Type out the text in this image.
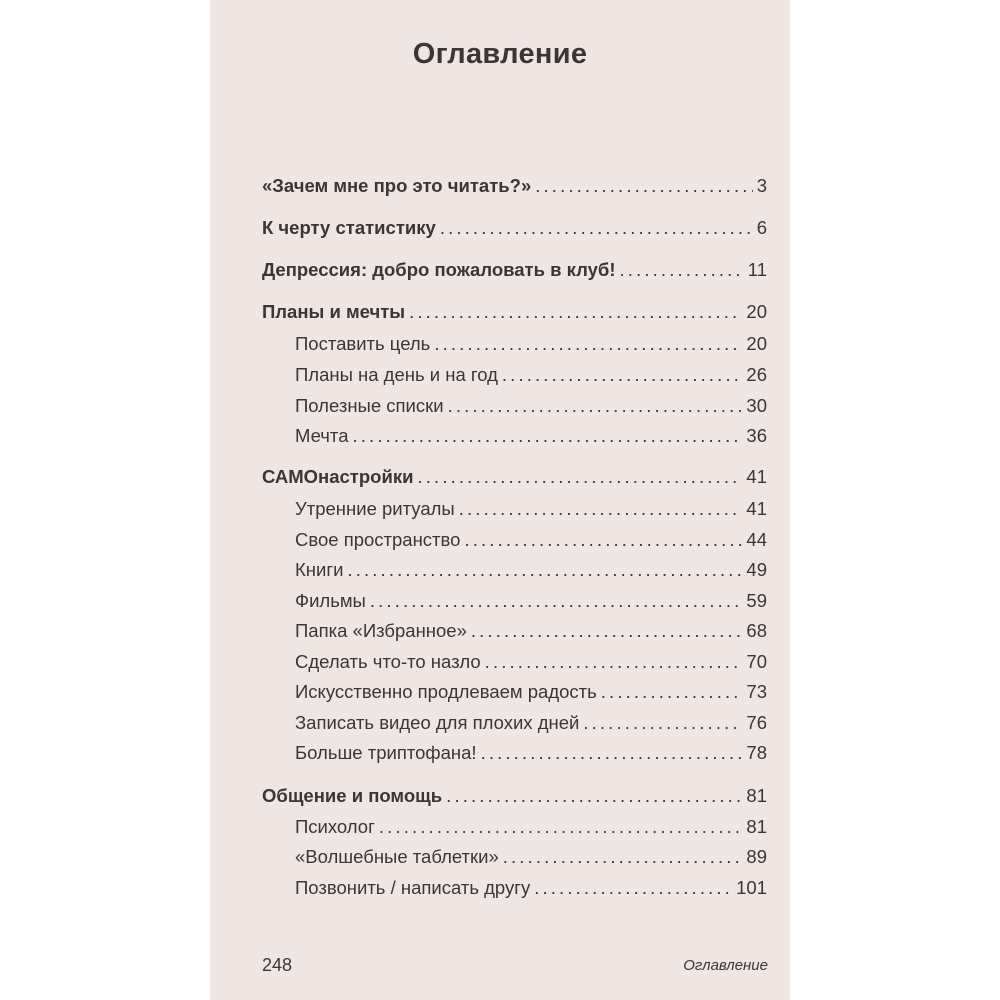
Оглавление
«Зачем мне про это читать?» . . .	3
К черту статистику . . .	6
Депрессия: добро пожаловать в клуб! . . .	11
Планы и мечты . . .	20
Поставить цель . . .	20
Планы на день и на год . . .	26
Полезные списки . . .	30
Мечта . . .	36
САМОнастройки . . .	41
Утренние ритуалы . . .	41
Свое пространство . . .	44
Книги . . .	49
Фильмы . . .	59
Папка «Избранное» . . .	68
Сделать что-то назло . . .	70
Искусственно продлеваем радость . . .	73
Записать видео для плохих дней . . .	76
Больше триптофана! . . .	78
Общение и помощь . . .	81
Психолог . . .	81
«Волшебные таблетки» . . .	89
Позвонить / написать другу . . .	101
248	Оглавление
